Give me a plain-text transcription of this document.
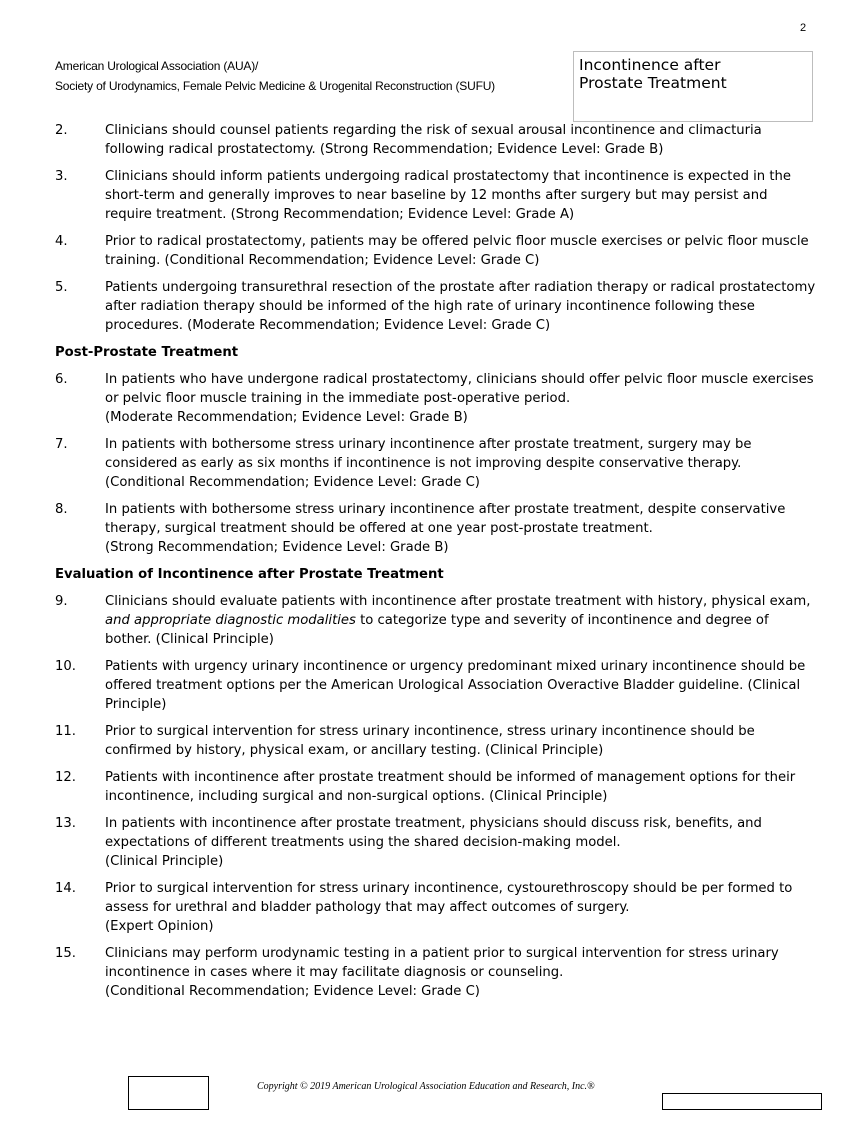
2
American Urological Association (AUA)/
Society of Urodynamics, Female Pelvic Medicine & Urogenital Reconstruction (SUFU)
Incontinence after
Prostate Treatment
2.	Clinicians should counsel patients regarding the risk of sexual arousal incontinence and climacturia following radical prostatectomy. (Strong Recommendation; Evidence Level: Grade B)
3.	Clinicians should inform patients undergoing radical prostatectomy that incontinence is expected in the short-term and generally improves to near baseline by 12 months after surgery but may persist and require treatment. (Strong Recommendation; Evidence Level: Grade A)
4.	Prior to radical prostatectomy, patients may be offered pelvic floor muscle exercises or pelvic floor muscle training. (Conditional Recommendation; Evidence Level: Grade C)
5.	Patients undergoing transurethral resection of the prostate after radiation therapy or radical prostatectomy after radiation therapy should be informed of the high rate of urinary incontinence following these procedures. (Moderate Recommendation; Evidence Level: Grade C)
Post-Prostate Treatment
6.	In patients who have undergone radical prostatectomy, clinicians should offer pelvic floor muscle exercises or pelvic floor muscle training in the immediate post-operative period.
(Moderate Recommendation; Evidence Level: Grade B)
7.	In patients with bothersome stress urinary incontinence after prostate treatment, surgery may be considered as early as six months if incontinence is not improving despite conservative therapy.
(Conditional Recommendation; Evidence Level: Grade C)
8.	In patients with bothersome stress urinary incontinence after prostate treatment, despite conservative therapy, surgical treatment should be offered at one year post-prostate treatment.
(Strong Recommendation; Evidence Level: Grade B)
Evaluation of Incontinence after Prostate Treatment
9.	Clinicians should evaluate patients with incontinence after prostate treatment with history, physical exam, and appropriate diagnostic modalities to categorize type and severity of incontinence and degree of bother. (Clinical Principle)
10.	Patients with urgency urinary incontinence or urgency predominant mixed urinary incontinence should be offered treatment options per the American Urological Association Overactive Bladder guideline. (Clinical Principle)
11.	Prior to surgical intervention for stress urinary incontinence, stress urinary incontinence should be confirmed by history, physical exam, or ancillary testing. (Clinical Principle)
12.	Patients with incontinence after prostate treatment should be informed of management options for their incontinence, including surgical and non-surgical options. (Clinical Principle)
13.	In patients with incontinence after prostate treatment, physicians should discuss risk, benefits, and expectations of different treatments using the shared decision-making model.
(Clinical Principle)
14.	Prior to surgical intervention for stress urinary incontinence, cystourethroscopy should be per formed to assess for urethral and bladder pathology that may affect outcomes of surgery.
(Expert Opinion)
15.	Clinicians may perform urodynamic testing in a patient prior to surgical intervention for stress urinary incontinence in cases where it may facilitate diagnosis or counseling.
(Conditional Recommendation; Evidence Level: Grade C)
Copyright © 2019 American Urological Association Education and Research, Inc.®
